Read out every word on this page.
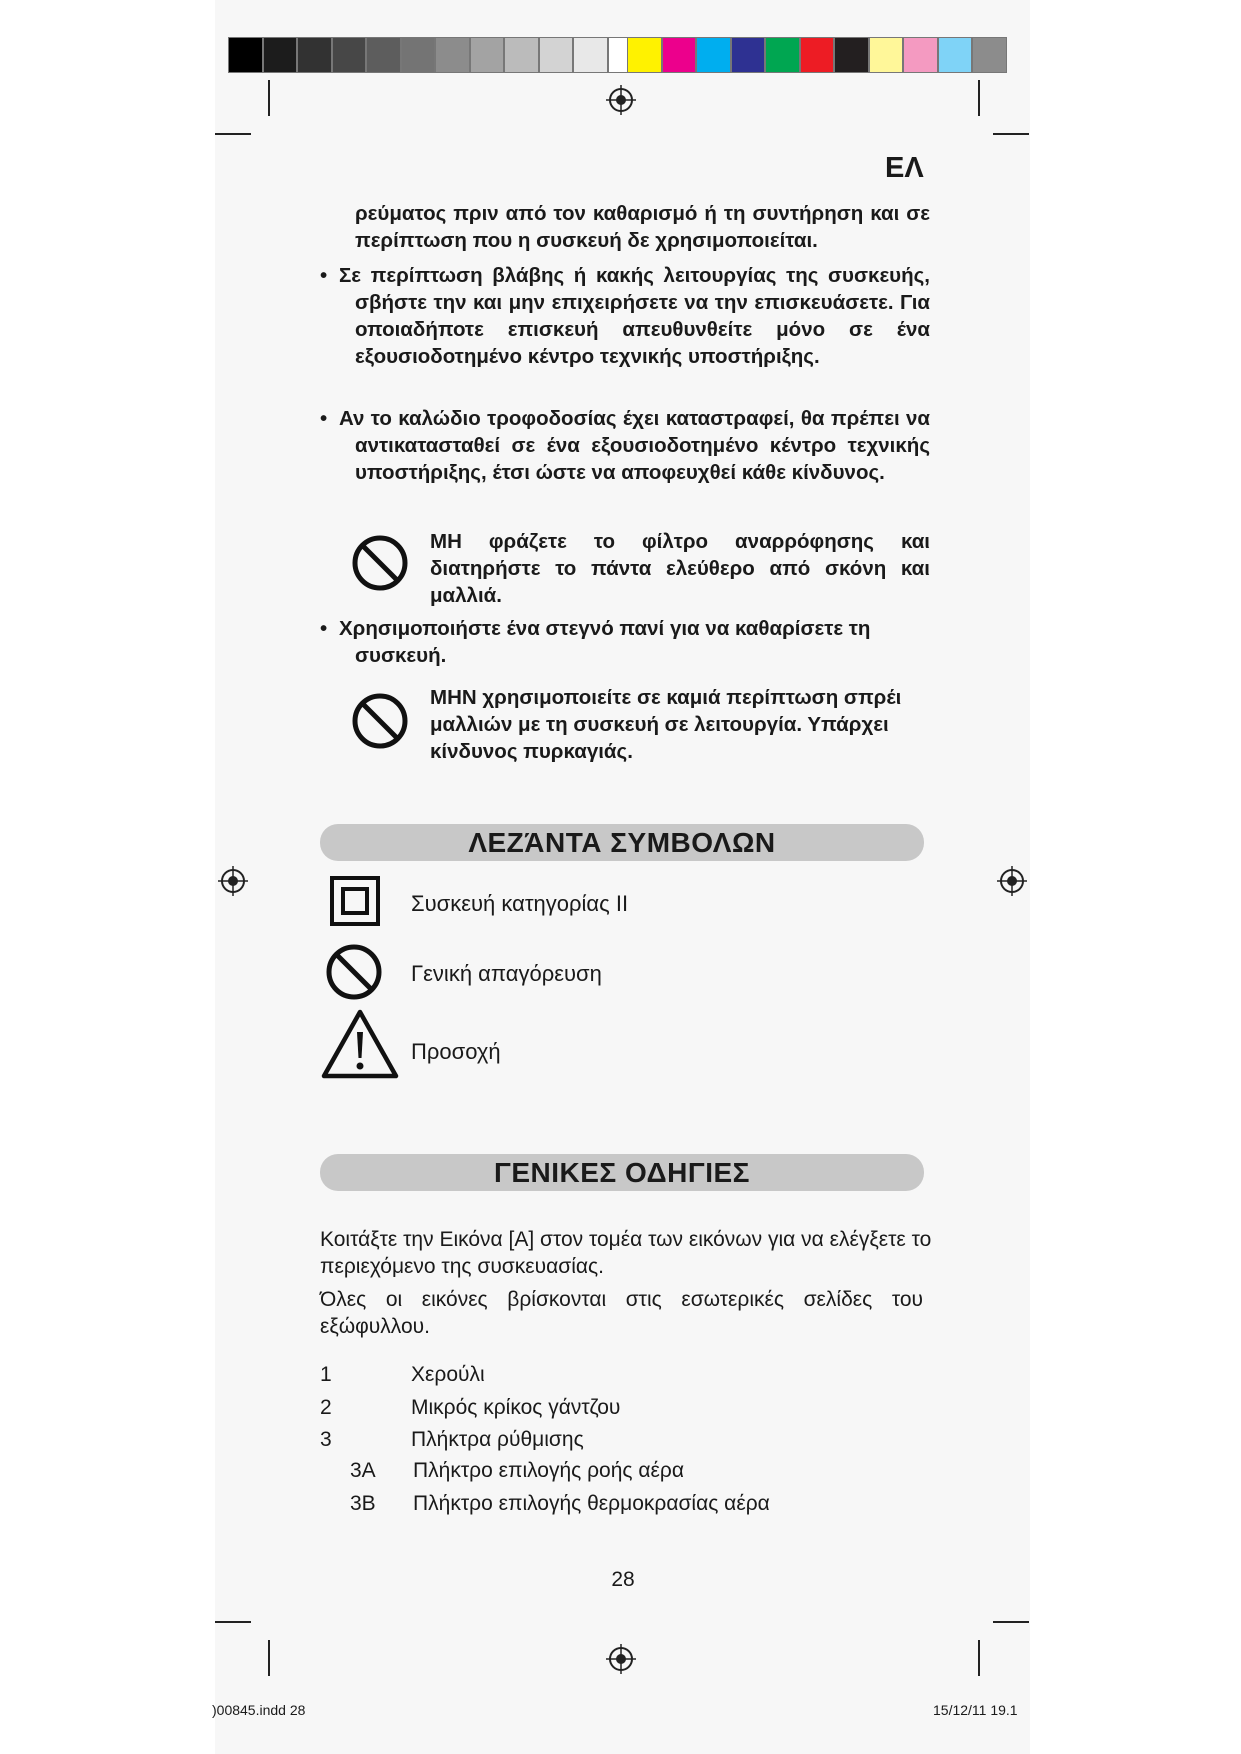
ΕΛ
ρεύματος πριν από τον καθαρισμό ή τη συντήρηση και σε περίπτωση που η συσκευή δε χρησιμοποιείται.
• Σε περίπτωση βλάβης ή κακής λειτουργίας της συσκευής, σβήστε την και μην επιχειρήσετε να την επισκευάσετε. Για οποιαδήποτε επισκευή απευθυνθείτε μόνο σε ένα εξουσιοδοτημένο κέντρο τεχνικής υποστήριξης.
• Αν το καλώδιο τροφοδοσίας έχει καταστραφεί, θα πρέπει να αντικατασταθεί σε ένα εξουσιοδοτημένο κέντρο τεχνικής υποστήριξης, έτσι ώστε να αποφευχθεί κάθε κίνδυνος.
ΜΗ φράζετε το φίλτρο αναρρόφησης και διατηρήστε το πάντα ελεύθερο από σκόνη και μαλλιά.
• Χρησιμοποιήστε ένα στεγνό πανί για να καθαρίσετε τη συσκευή.
ΜΗΝ χρησιμοποιείτε σε καμιά περίπτωση σπρέι μαλλιών με τη συσκευή σε λειτουργία. Υπάρχει κίνδυνος πυρκαγιάς.
ΛΕΖΆΝΤΑ ΣΥΜΒΟΛΩΝ
Συσκευή κατηγορίας II
Γενική απαγόρευση
Προσοχή
ΓΕΝΙΚΕΣ ΟΔΗΓΙΕΣ
Κοιτάξτε την Εικόνα [A] στον τομέα των εικόνων για να ελέγξετε το περιεχόμενο της συσκευασίας.
Όλες οι εικόνες βρίσκονται στις εσωτερικές σελίδες του εξώφυλλου.
1	Χερούλι
2	Μικρός κρίκος γάντζου
3	Πλήκτρα ρύθμισης
3A Πλήκτρο επιλογής ροής αέρα
3B Πλήκτρο επιλογής θερμοκρασίας αέρα
28
)00845.indd 28	15/12/11 19.1
